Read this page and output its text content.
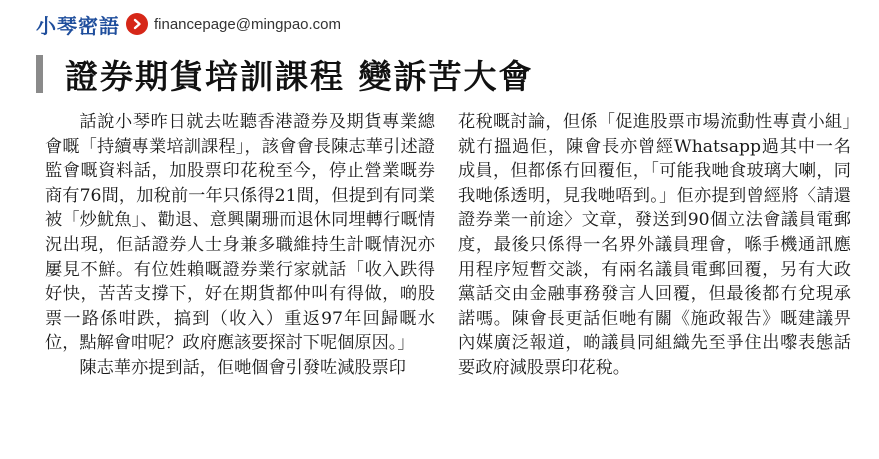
小琴密語 financepage@mingpao.com
證券期貨培訓課程 變訴苦大會

話說小琴昨日就去咗聽香港證券及期貨專業總會嘅「持續專業培訓課程」，該會會長陳志華引述證監會嘅資料話，加股票印花稅至今，停止營業嘅券商有76間，加稅前一年只係得21間，但提到有同業被「炒魷魚」、勸退、意興闌珊而退休同埋轉行嘅情況出現，佢話證券人士身兼多職維持生計嘅情況亦屢見不鮮。有位姓賴嘅證券業行家就話「收入跌得好快，苦苦支撐下，好在期貨都仲叫有得做，啲股票一路係咁跌，搞到（收入）重返97年回歸嘅水位，點解會咁呢？政府應該要探討下呢個原因。」

陳志華亦提到話，佢哋個會引發咗減股票印

花稅嘅討論，但係「促進股票市場流動性專責小組」就冇搵過佢，陳會長亦曾經Whatsapp過其中一名成員，但都係冇回覆佢，「可能我哋食玻璃大喇，同我哋係透明，見我哋唔到。」佢亦提到曾經將〈請還證券業一前途〉文章，發送到90個立法會議員電郵度，最後只係得一名界外議員理會，喺手機通訊應用程序短暫交談，有兩名議員電郵回覆，另有大政黨話交由金融事務發言人回覆，但最後都冇兌現承諾嗎。陳會長更話佢哋有關《施政報告》嘅建議畀內媒廣泛報道，啲議員同組織先至爭住出嚟表態話要政府減股票印花稅。
